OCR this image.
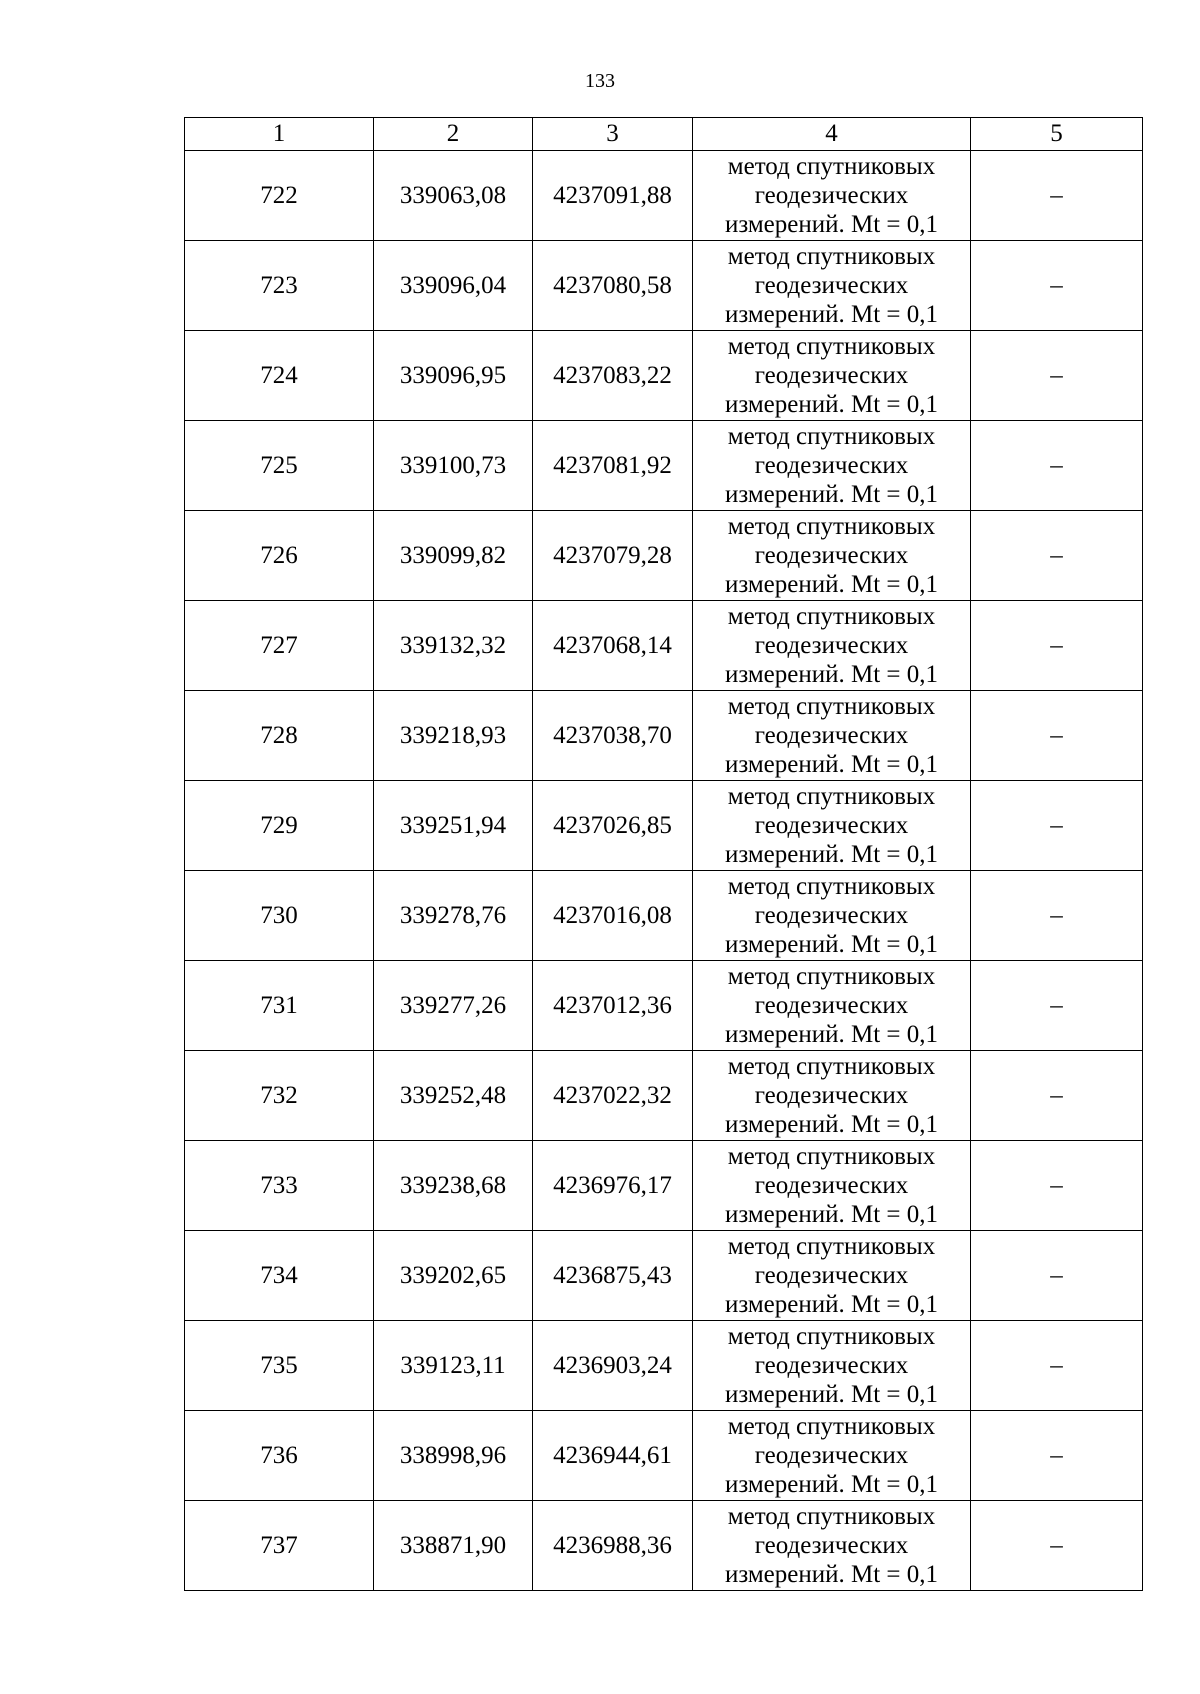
133
1	2	3	4	5
722	339063,08	4237091,88	метод спутниковых
геодезических
измерений. Mt = 0,1	–
723	339096,04	4237080,58	метод спутниковых
геодезических
измерений. Mt = 0,1	–
724	339096,95	4237083,22	метод спутниковых
геодезических
измерений. Mt = 0,1	–
725	339100,73	4237081,92	метод спутниковых
геодезических
измерений. Mt = 0,1	–
726	339099,82	4237079,28	метод спутниковых
геодезических
измерений. Mt = 0,1	–
727	339132,32	4237068,14	метод спутниковых
геодезических
измерений. Mt = 0,1	–
728	339218,93	4237038,70	метод спутниковых
геодезических
измерений. Mt = 0,1	–
729	339251,94	4237026,85	метод спутниковых
геодезических
измерений. Mt = 0,1	–
730	339278,76	4237016,08	метод спутниковых
геодезических
измерений. Mt = 0,1	–
731	339277,26	4237012,36	метод спутниковых
геодезических
измерений. Mt = 0,1	–
732	339252,48	4237022,32	метод спутниковых
геодезических
измерений. Mt = 0,1	–
733	339238,68	4236976,17	метод спутниковых
геодезических
измерений. Mt = 0,1	–
734	339202,65	4236875,43	метод спутниковых
геодезических
измерений. Mt = 0,1	–
735	339123,11	4236903,24	метод спутниковых
геодезических
измерений. Mt = 0,1	–
736	338998,96	4236944,61	метод спутниковых
геодезических
измерений. Mt = 0,1	–
737	338871,90	4236988,36	метод спутниковых
геодезических
измерений. Mt = 0,1	–
